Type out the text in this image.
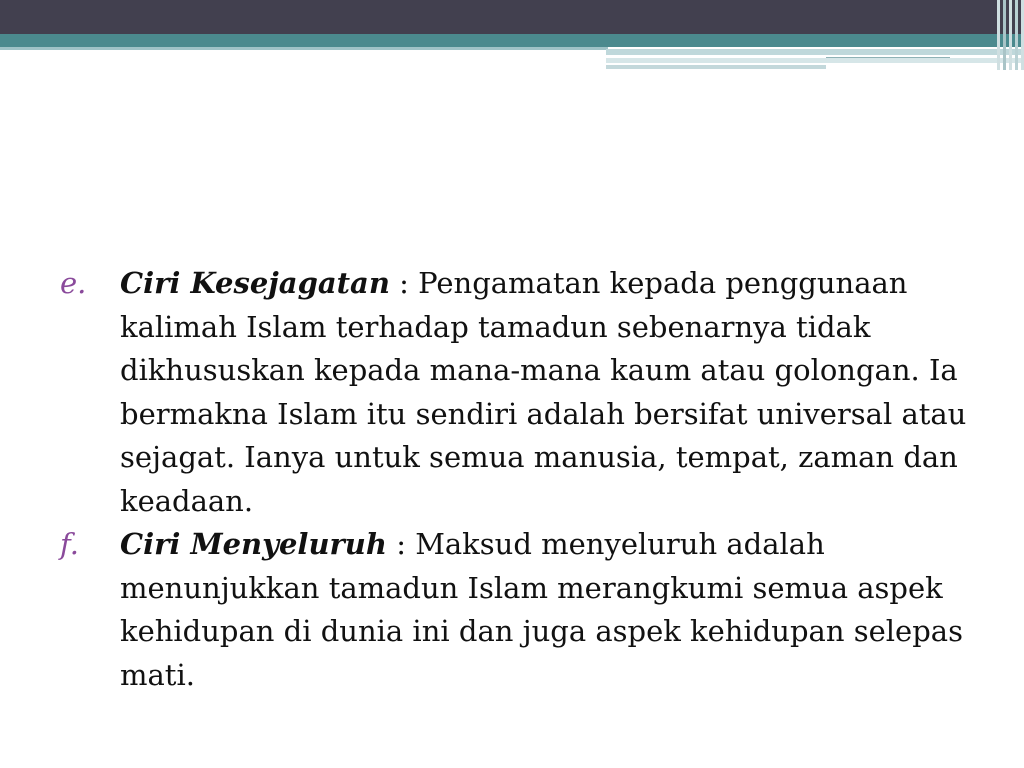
e. Ciri Kesejagatan : Pengamatan kepada penggunaan kalimah Islam terhadap tamadun sebenarnya tidak dikhususkan kepada mana-mana kaum atau golongan. Ia bermakna Islam itu sendiri adalah bersifat universal atau sejagat. Ianya untuk semua manusia, tempat, zaman dan keadaan.
f. Ciri Menyeluruh : Maksud menyeluruh adalah menunjukkan tamadun Islam merangkumi semua aspek kehidupan di dunia ini dan juga aspek kehidupan selepas mati.
